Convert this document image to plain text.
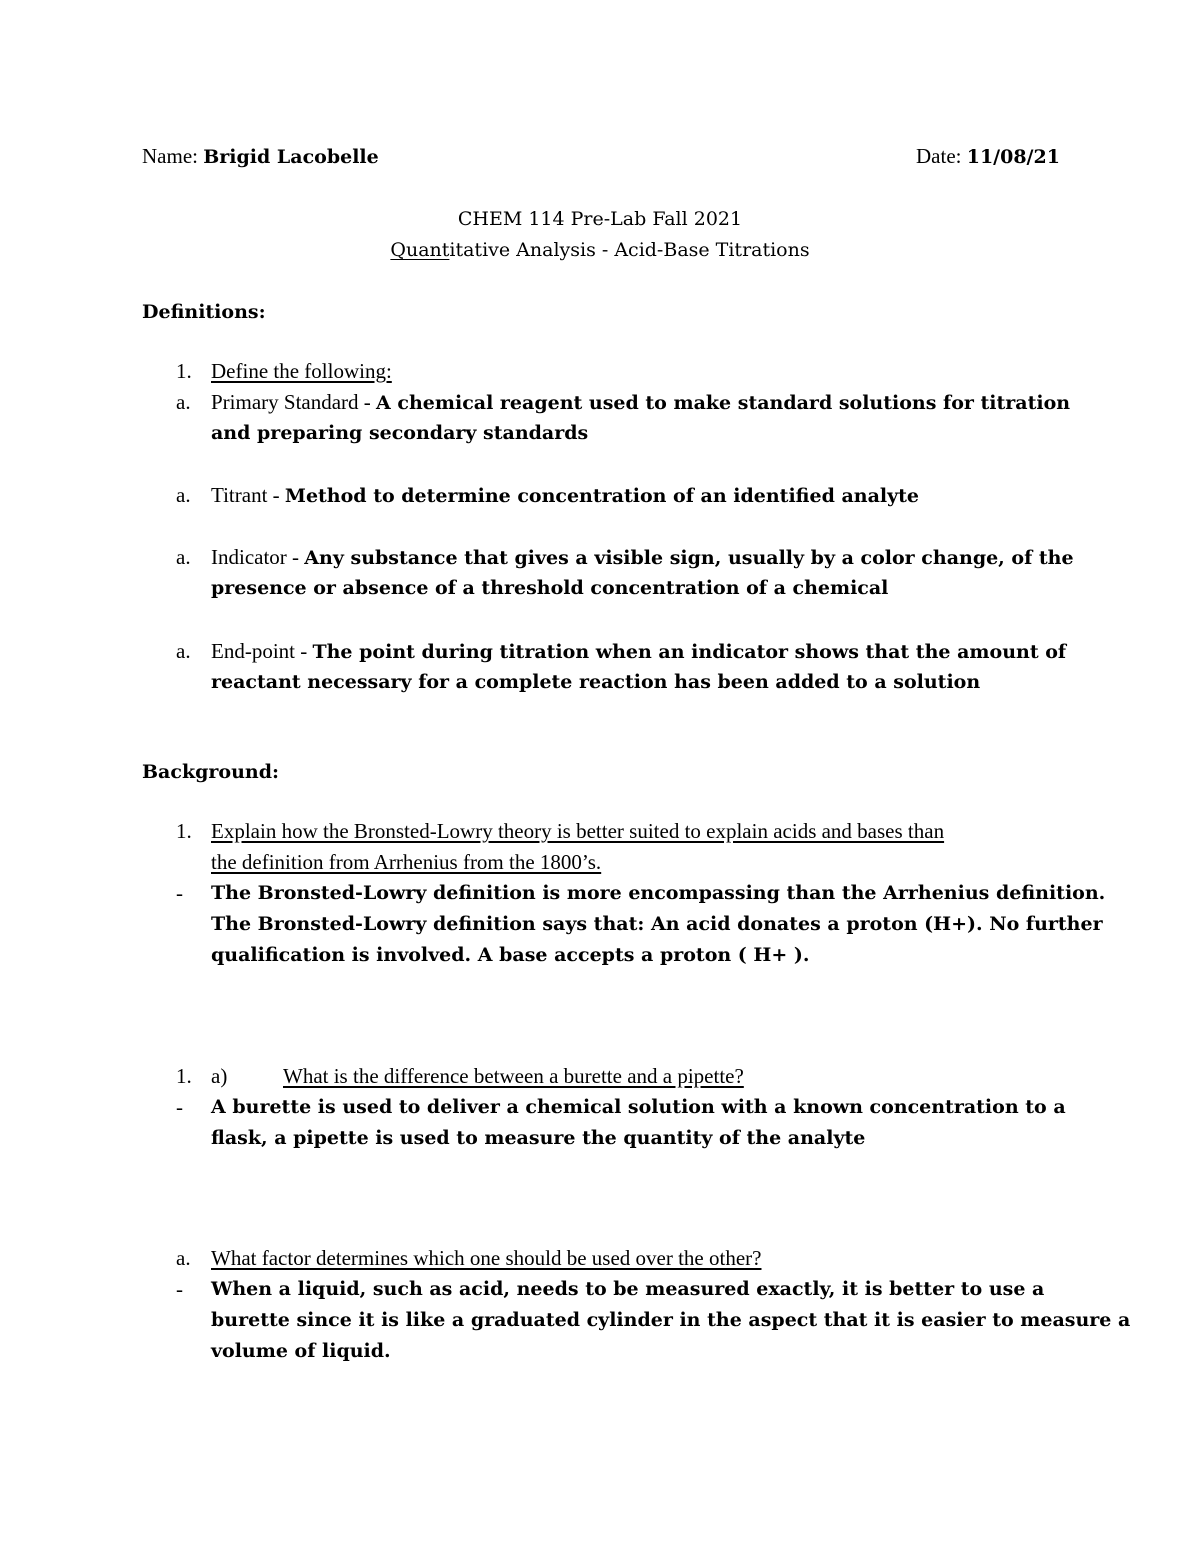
Name: Brigid Lacobelle	Date: 11/08/21
CHEM 114 Pre-Lab Fall 2021
Quantitative Analysis - Acid-Base Titrations
Definitions:
1. Define the following:
a. Primary Standard - A chemical reagent used to make standard solutions for titration
and preparing secondary standards
a. Titrant - Method to determine concentration of an identified analyte
a. Indicator - Any substance that gives a visible sign, usually by a color change, of the
presence or absence of a threshold concentration of a chemical
a. End-point - The point during titration when an indicator shows that the amount of
reactant necessary for a complete reaction has been added to a solution
Background:
1. Explain how the Bronsted-Lowry theory is better suited to explain acids and bases than
the definition from Arrhenius from the 1800’s.
- The Bronsted-Lowry definition is more encompassing than the Arrhenius definition.
The Bronsted-Lowry definition says that: An acid donates a proton (H+). No further
qualification is involved. A base accepts a proton ( H+ ).
1. a)	What is the difference between a burette and a pipette?
- A burette is used to deliver a chemical solution with a known concentration to a
flask, a pipette is used to measure the quantity of the analyte
a. What factor determines which one should be used over the other?
- When a liquid, such as acid, needs to be measured exactly, it is better to use a
burette since it is like a graduated cylinder in the aspect that it is easier to measure a
volume of liquid.
